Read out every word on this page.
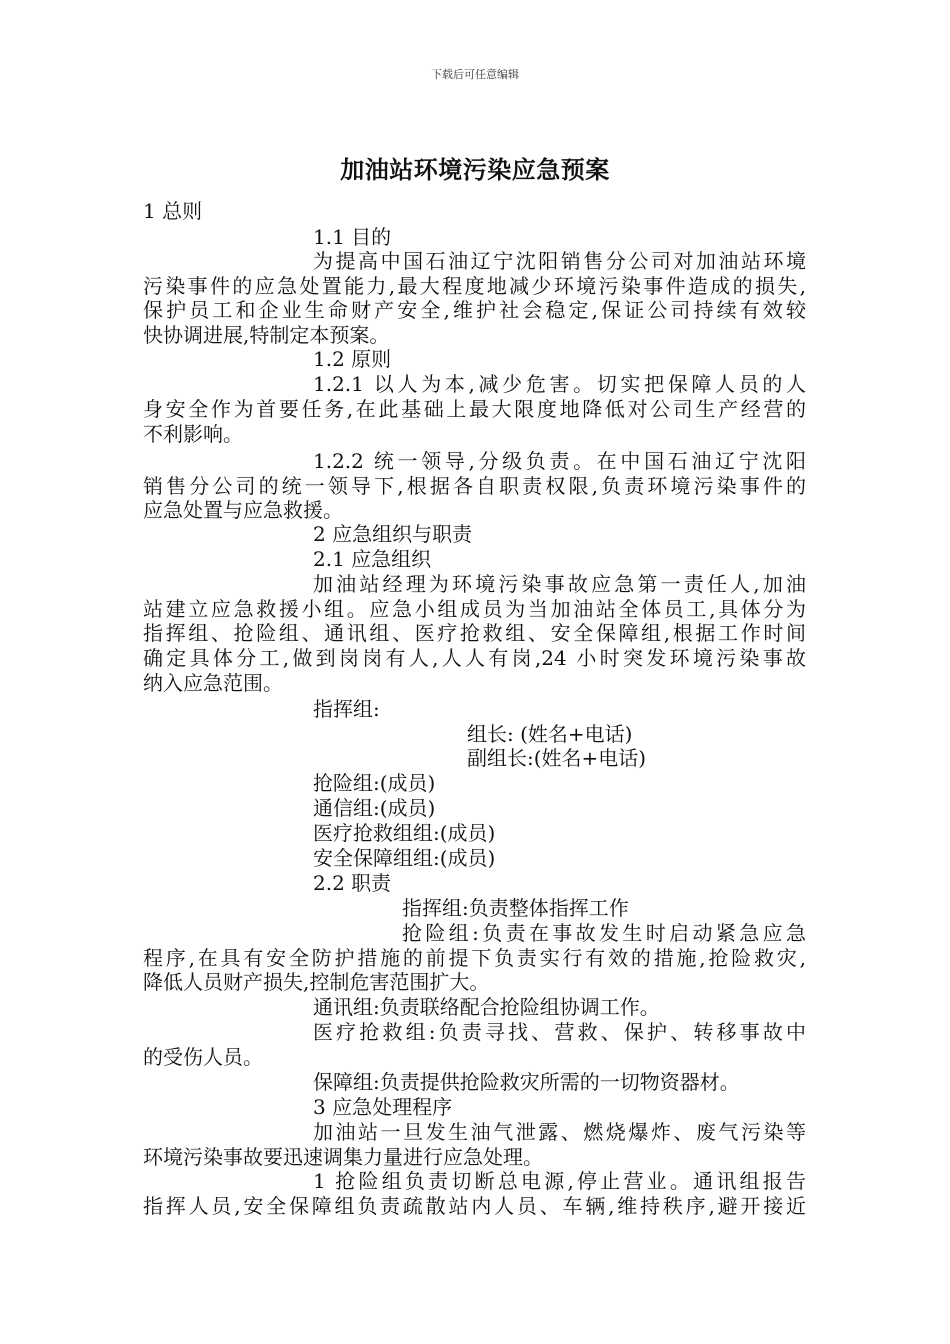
下载后可任意编辑
加油站环境污染应急预案
1 总则
1.1 目的
为提高中国石油辽宁沈阳销售分公司对加油站环境
污染事件的应急处置能力,最大程度地减少环境污染事件造成的损失,
保护员工和企业生命财产安全,维护社会稳定,保证公司持续有效较
快协调进展,特制定本预案。
1.2 原则
1.2.1 以人为本,减少危害。切实把保障人员的人
身安全作为首要任务,在此基础上最大限度地降低对公司生产经营的
不利影响。
1.2.2 统一领导,分级负责。在中国石油辽宁沈阳
销售分公司的统一领导下,根据各自职责权限,负责环境污染事件的
应急处置与应急救援。
2 应急组织与职责
2.1 应急组织
加油站经理为环境污染事故应急第一责任人,加油
站建立应急救援小组。应急小组成员为当加油站全体员工,具体分为
指挥组、抢险组、通讯组、医疗抢救组、安全保障组,根据工作时间
确定具体分工,做到岗岗有人,人人有岗,24 小时突发环境污染事故
纳入应急范围。
指挥组:
组长: (姓名+电话)
副组长:(姓名+电话)
抢险组:(成员)
通信组:(成员)
医疗抢救组组:(成员)
安全保障组组:(成员)
2.2 职责
指挥组:负责整体指挥工作
抢险组:负责在事故发生时启动紧急应急
程序,在具有安全防护措施的前提下负责实行有效的措施,抢险救灾,
降低人员财产损失,控制危害范围扩大。
通讯组:负责联络配合抢险组协调工作。
医疗抢救组:负责寻找、营救、保护、转移事故中
的受伤人员。
保障组:负责提供抢险救灾所需的一切物资器材。
3 应急处理程序
加油站一旦发生油气泄露、燃烧爆炸、废气污染等
环境污染事故要迅速调集力量进行应急处理。
1 抢险组负责切断总电源,停止营业。通讯组报告
指挥人员,安全保障组负责疏散站内人员、车辆,维持秩序,避开接近
